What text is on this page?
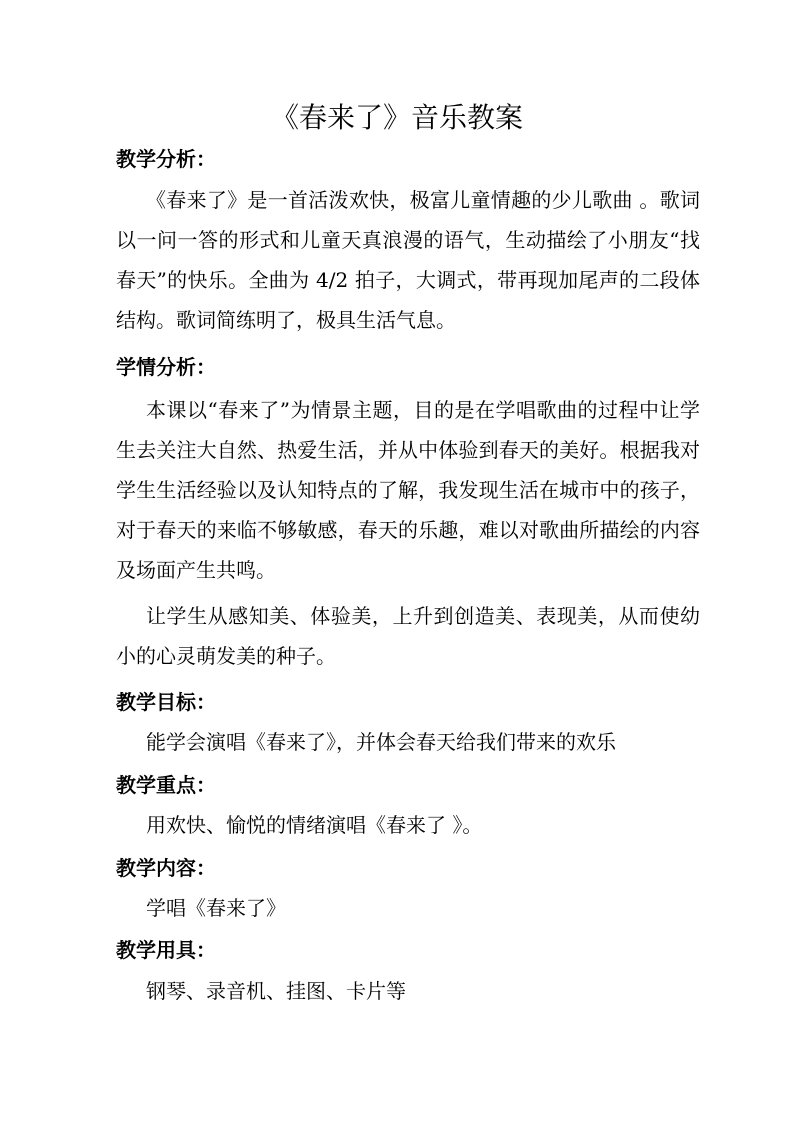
《春来了》音乐教案
教学分析：

《春来了》是一首活泼欢快，极富儿童情趣的少儿歌曲 。歌词以一问一答的形式和儿童天真浪漫的语气，生动描绘了小朋友“找春天”的快乐。全曲为 4/2 拍子，大调式，带再现加尾声的二段体结构。歌词简练明了，极具生活气息。

学情分析：

本课以“春来了”为情景主题，目的是在学唱歌曲的过程中让学生去关注大自然、热爱生活，并从中体验到春天的美好。根据我对学生生活经验以及认知特点的了解，我发现生活在城市中的孩子，对于春天的来临不够敏感，春天的乐趣，难以对歌曲所描绘的内容及场面产生共鸣。

让学生从感知美、体验美，上升到创造美、表现美，从而使幼小的心灵萌发美的种子。

教学目标：

能学会演唱《春来了》，并体会春天给我们带来的欢乐

教学重点：

用欢快、愉悦的情绪演唱《春来了 》。

教学内容：

学唱《春来了》

教学用具：

钢琴、录音机、挂图、卡片等
